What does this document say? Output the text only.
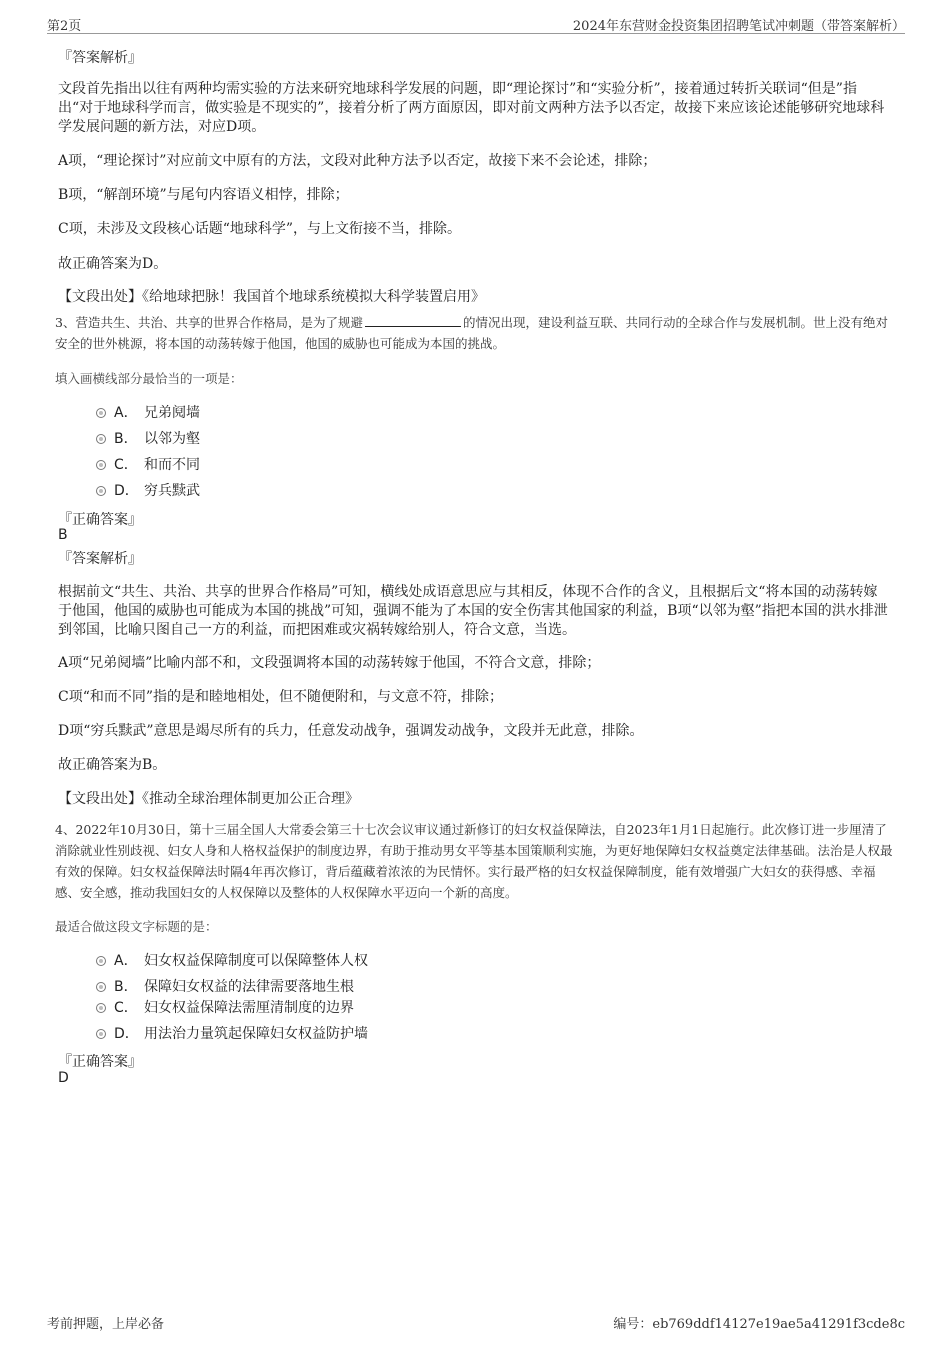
第2页	2024年东营财金投资集团招聘笔试冲刺题（带答案解析）
『答案解析』
文段首先指出以往有两种均需实验的方法来研究地球科学发展的问题，即“理论探讨”和“实验分析”，接着通过转折关联词“但是”指出“对于地球科学而言，做实验是不现实的”，接着分析了两方面原因，即对前文两种方法予以否定，故接下来应该论述能够研究地球科学发展问题的新方法，对应D项。
A项，“理论探讨”对应前文中原有的方法，文段对此种方法予以否定，故接下来不会论述，排除；
B项，“解剖环境”与尾句内容语义相悖，排除；
C项，未涉及文段核心话题“地球科学”，与上文衔接不当，排除。
故正确答案为D。
【文段出处】《给地球把脉！我国首个地球系统模拟大科学装置启用》
3、营造共生、共治、共享的世界合作格局，是为了规避	的情况出现，建设利益互联、共同行动的全球合作与发展机制。世上没有绝对安全的世外桃源，将本国的动荡转嫁于他国，他国的威胁也可能成为本国的挑战。
填入画横线部分最恰当的一项是：
A． 兄弟阋墙
B． 以邻为壑
C． 和而不同
D． 穷兵黩武
『正确答案』
B
『答案解析』
根据前文“共生、共治、共享的世界合作格局”可知，横线处成语意思应与其相反，体现不合作的含义，且根据后文“将本国的动荡转嫁于他国，他国的威胁也可能成为本国的挑战”可知，强调不能为了本国的安全伤害其他国家的利益，B项“以邻为壑”指把本国的洪水排泄到邻国，比喻只图自己一方的利益，而把困难或灾祸转嫁给别人，符合文意，当选。
A项“兄弟阋墙”比喻内部不和，文段强调将本国的动荡转嫁于他国，不符合文意，排除；
C项“和而不同”指的是和睦地相处，但不随便附和，与文意不符，排除；
D项“穷兵黩武”意思是竭尽所有的兵力，任意发动战争，强调发动战争，文段并无此意，排除。
故正确答案为B。
【文段出处】《推动全球治理体制更加公正合理》
4、2022年10月30日，第十三届全国人大常委会第三十七次会议审议通过新修订的妇女权益保障法，自2023年1月1日起施行。此次修订进一步厘清了消除就业性别歧视、妇女人身和人格权益保护的制度边界，有助于推动男女平等基本国策顺利实施，为更好地保障妇女权益奠定法律基础。法治是人权最有效的保障。妇女权益保障法时隔4年再次修订，背后蕴藏着浓浓的为民情怀。实行最严格的妇女权益保障制度，能有效增强广大妇女的获得感、幸福感、安全感，推动我国妇女的人权保障以及整体的人权保障水平迈向一个新的高度。
最适合做这段文字标题的是：
A． 妇女权益保障制度可以保障整体人权
B． 保障妇女权益的法律需要落地生根
C． 妇女权益保障法需厘清制度的边界
D． 用法治力量筑起保障妇女权益防护墙
『正确答案』
D
考前押题，上岸必备	编号：eb769ddf14127e19ae5a41291f3cde8c
